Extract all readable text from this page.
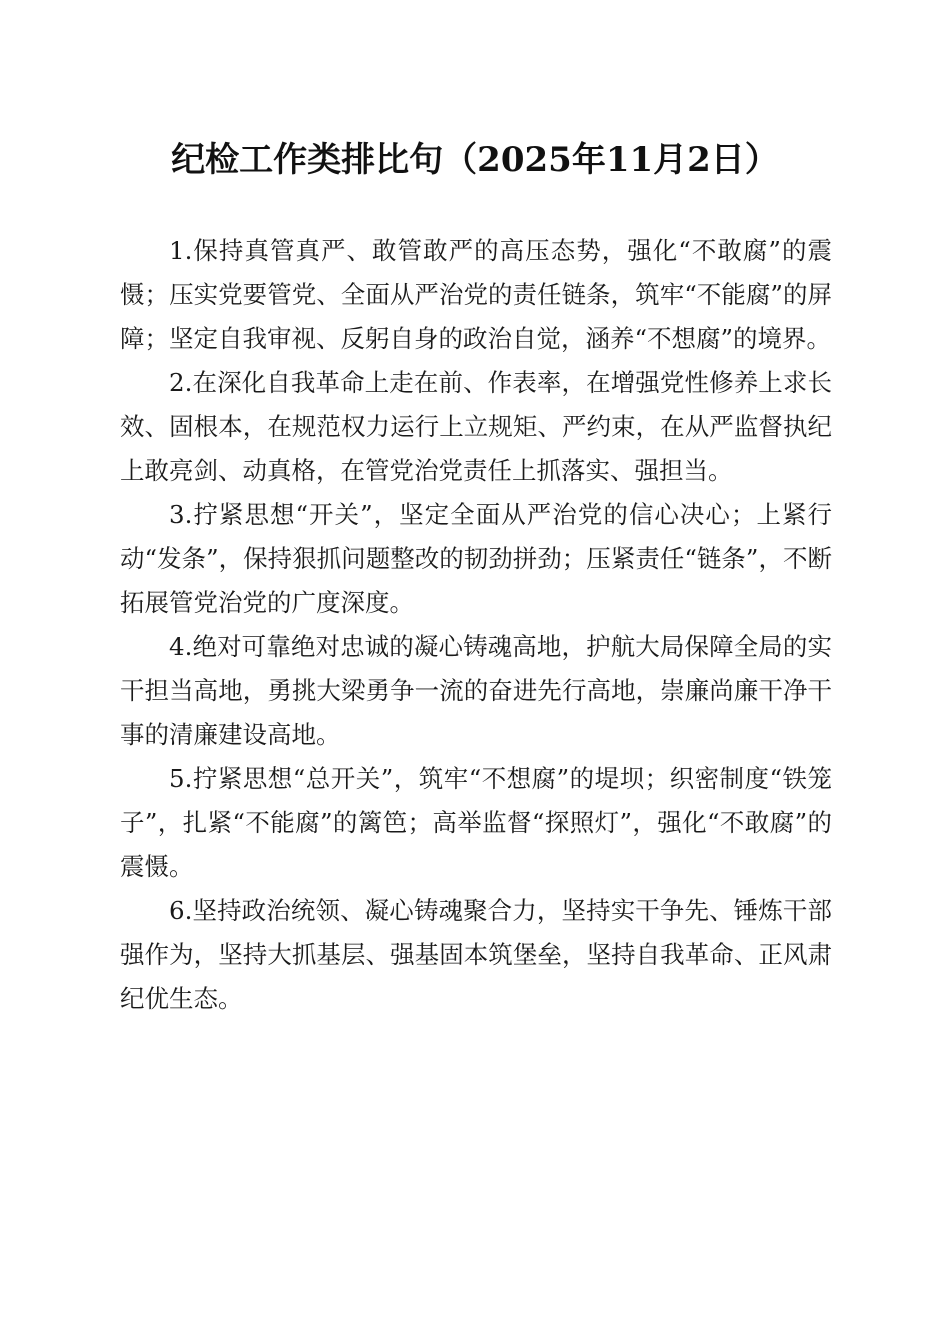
纪检工作类排比句（2025年11月2日）

1.保持真管真严、敢管敢严的高压态势，强化“不敢腐”的震慑；压实党要管党、全面从严治党的责任链条，筑牢“不能腐”的屏障；坚定自我审视、反躬自身的政治自觉，涵养“不想腐”的境界。

2.在深化自我革命上走在前、作表率，在增强党性修养上求长效、固根本，在规范权力运行上立规矩、严约束，在从严监督执纪上敢亮剑、动真格，在管党治党责任上抓落实、强担当。

3.拧紧思想“开关”，坚定全面从严治党的信心决心；上紧行动“发条”，保持狠抓问题整改的韧劲拼劲；压紧责任“链条”，不断拓展管党治党的广度深度。

4.绝对可靠绝对忠诚的凝心铸魂高地，护航大局保障全局的实干担当高地，勇挑大梁勇争一流的奋进先行高地，崇廉尚廉干净干事的清廉建设高地。

5.拧紧思想“总开关”，筑牢“不想腐”的堤坝；织密制度“铁笼子”，扎紧“不能腐”的篱笆；高举监督“探照灯”，强化“不敢腐”的震慑。

6.坚持政治统领、凝心铸魂聚合力，坚持实干争先、锤炼干部强作为，坚持大抓基层、强基固本筑堡垒，坚持自我革命、正风肃纪优生态。
